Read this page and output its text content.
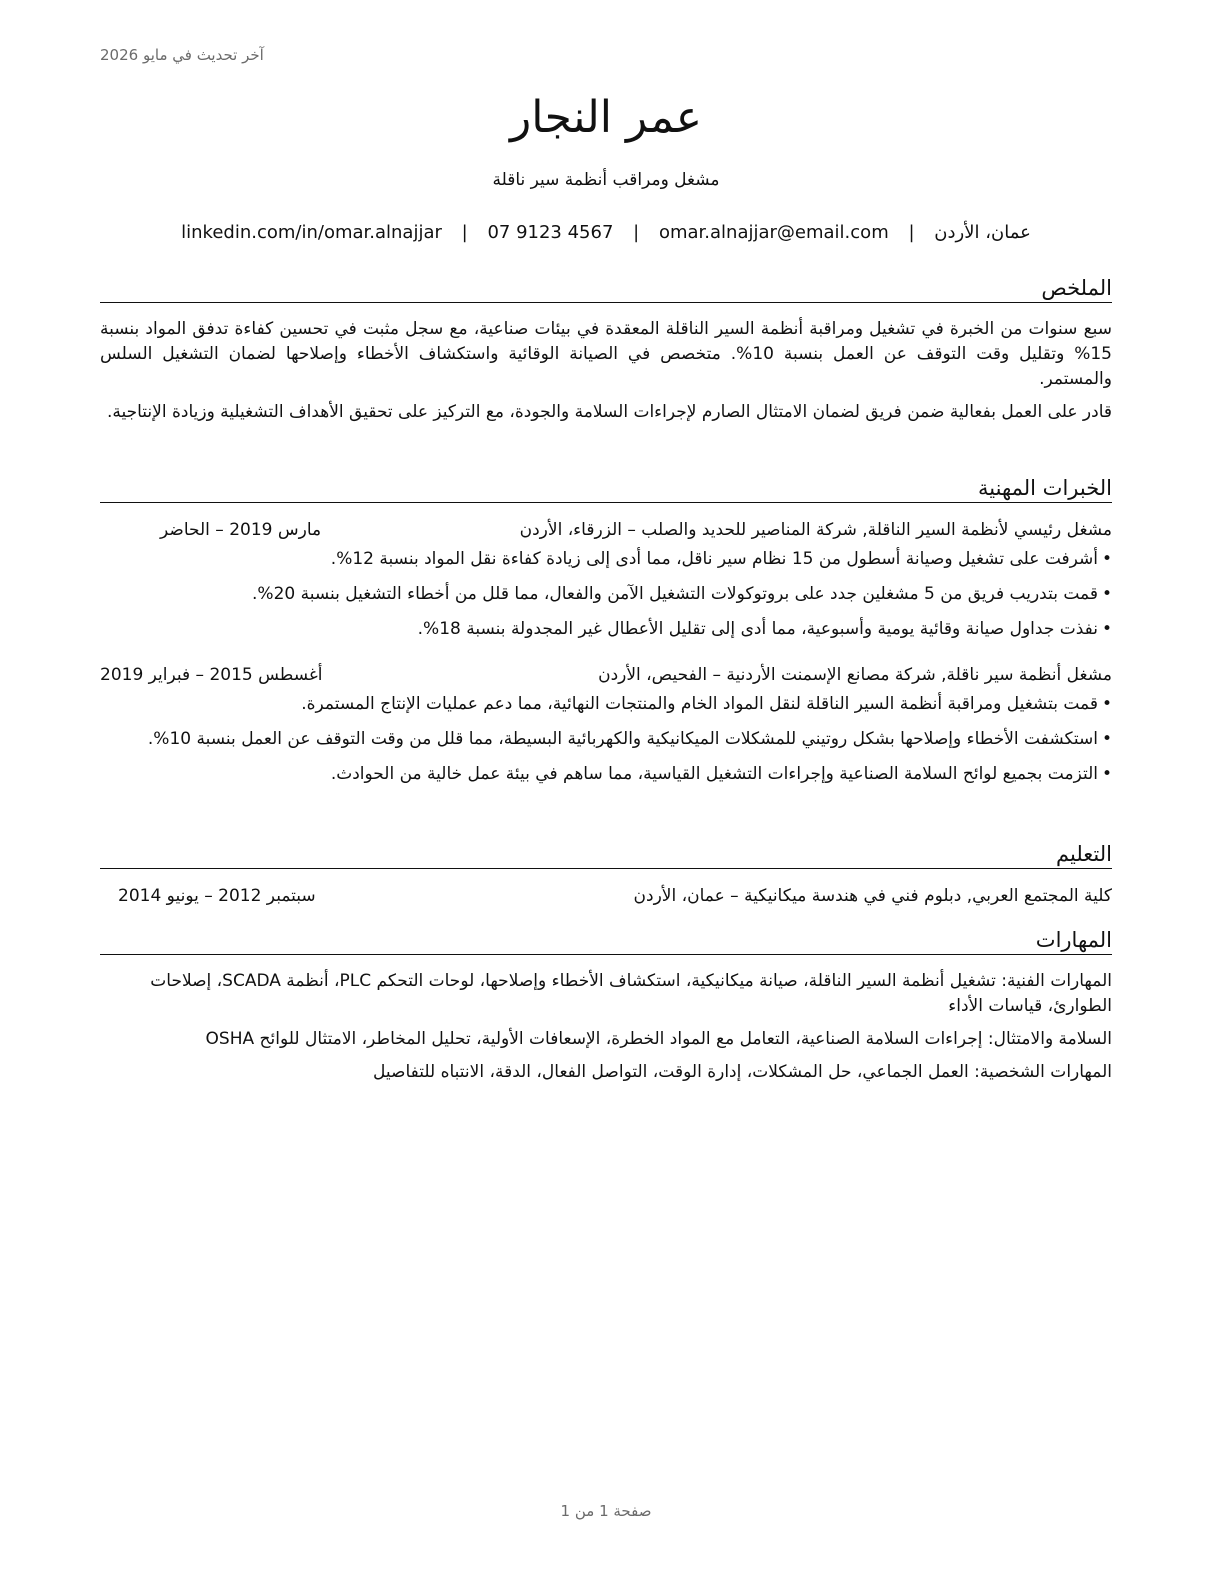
آخر تحديث في مايو 2026
عمر النجار
مشغل ومراقب أنظمة سير ناقلة
عمان، الأردن | omar.alnajjar@email.com | 07 9123 4567 | linkedin.com/in/omar.alnajjar
الملخص

سبع سنوات من الخبرة في تشغيل ومراقبة أنظمة السير الناقلة المعقدة في بيئات صناعية، مع سجل مثبت في تحسين كفاءة تدفق المواد بنسبة 15% وتقليل وقت التوقف عن العمل بنسبة 10%. متخصص في الصيانة الوقائية واستكشاف الأخطاء وإصلاحها لضمان التشغيل السلس والمستمر.

قادر على العمل بفعالية ضمن فريق لضمان الامتثال الصارم لإجراءات السلامة والجودة، مع التركيز على تحقيق الأهداف التشغيلية وزيادة الإنتاجية.

الخبرات المهنية
مشغل رئيسي لأنظمة السير الناقلة, شركة المناصير للحديد والصلب – الزرقاء، الأردن
مارس 2019 – الحاضر
•
أشرفت على تشغيل وصيانة أسطول من 15 نظام سير ناقل، مما أدى إلى زيادة كفاءة نقل المواد بنسبة 12%.
•
قمت بتدريب فريق من 5 مشغلين جدد على بروتوكولات التشغيل الآمن والفعال، مما قلل من أخطاء التشغيل بنسبة 20%.
•
نفذت جداول صيانة وقائية يومية وأسبوعية، مما أدى إلى تقليل الأعطال غير المجدولة بنسبة 18%.
مشغل أنظمة سير ناقلة, شركة مصانع الإسمنت الأردنية – الفحيص، الأردن
أغسطس 2015 – فبراير 2019
•
قمت بتشغيل ومراقبة أنظمة السير الناقلة لنقل المواد الخام والمنتجات النهائية، مما دعم عمليات الإنتاج المستمرة.
•
استكشفت الأخطاء وإصلاحها بشكل روتيني للمشكلات الميكانيكية والكهربائية البسيطة، مما قلل من وقت التوقف عن العمل بنسبة 10%.
•
التزمت بجميع لوائح السلامة الصناعية وإجراءات التشغيل القياسية، مما ساهم في بيئة عمل خالية من الحوادث.
التعليم
كلية المجتمع العربي, دبلوم فني في هندسة ميكانيكية – عمان، الأردن
سبتمبر 2012 – يونيو 2014
المهارات

المهارات الفنية: تشغيل أنظمة السير الناقلة، صيانة ميكانيكية، استكشاف الأخطاء وإصلاحها، لوحات التحكم PLC، أنظمة SCADA، إصلاحات الطوارئ، قياسات الأداء

السلامة والامتثال: إجراءات السلامة الصناعية، التعامل مع المواد الخطرة، الإسعافات الأولية، تحليل المخاطر، الامتثال للوائح OSHA

المهارات الشخصية: العمل الجماعي، حل المشكلات، إدارة الوقت، التواصل الفعال، الدقة، الانتباه للتفاصيل

صفحة 1 من 1
